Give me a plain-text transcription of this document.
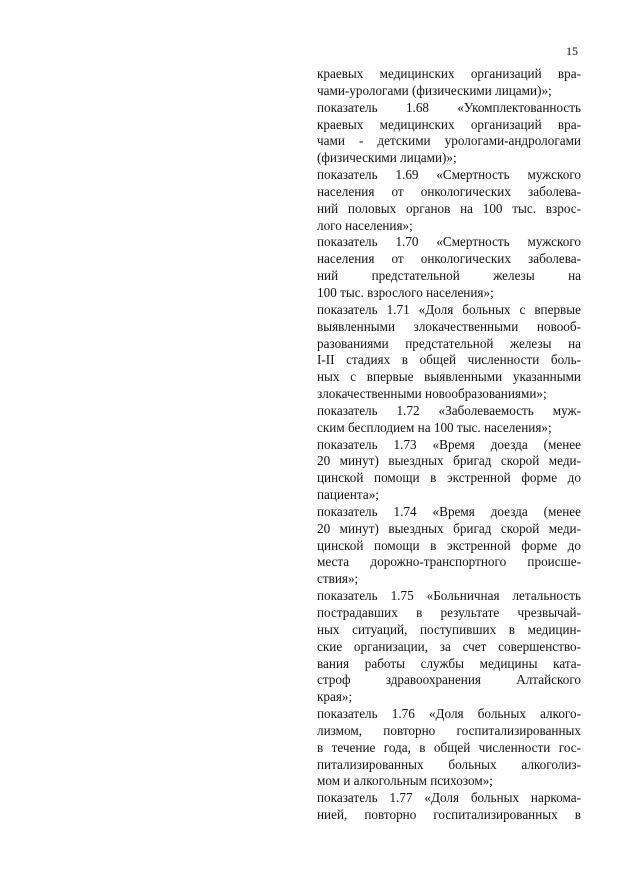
15
краевых медицинских организаций вра-
чами-урологами (физическими лицами)»;
показатель 1.68 «Укомплектованность
краевых медицинских организаций вра-
чами - детскими урологами-андрологами
(физическими лицами)»;
показатель 1.69 «Смертность мужского
населения от онкологических заболева-
ний половых органов на 100 тыс. взрос-
лого населения»;
показатель 1.70 «Смертность мужского
населения от онкологических заболева-
ний предстательной железы на
100 тыс. взрослого населения»;
показатель 1.71 «Доля больных с впервые
выявленными злокачественными новооб-
разованиями предстательной железы на
I-II стадиях в общей численности боль-
ных с впервые выявленными указанными
злокачественными новообразованиями»;
показатель 1.72 «Заболеваемость муж-
ским бесплодием на 100 тыс. населения»;
показатель 1.73 «Время доезда (менее
20 минут) выездных бригад скорой меди-
цинской помощи в экстренной форме до
пациента»;
показатель 1.74 «Время доезда (менее
20 минут) выездных бригад скорой меди-
цинской помощи в экстренной форме до
места дорожно-транспортного происше-
ствия»;
показатель 1.75 «Больничная летальность
пострадавших в результате чрезвычай-
ных ситуаций, поступивших в медицин-
ские организации, за счет совершенство-
вания работы службы медицины ката-
строф здравоохранения Алтайского
края»;
показатель 1.76 «Доля больных алкого-
лизмом, повторно госпитализированных
в течение года, в общей численности гос-
питализированных больных алкоголиз-
мом и алкогольным психозом»;
показатель 1.77 «Доля больных наркома-
нией, повторно госпитализированных в
